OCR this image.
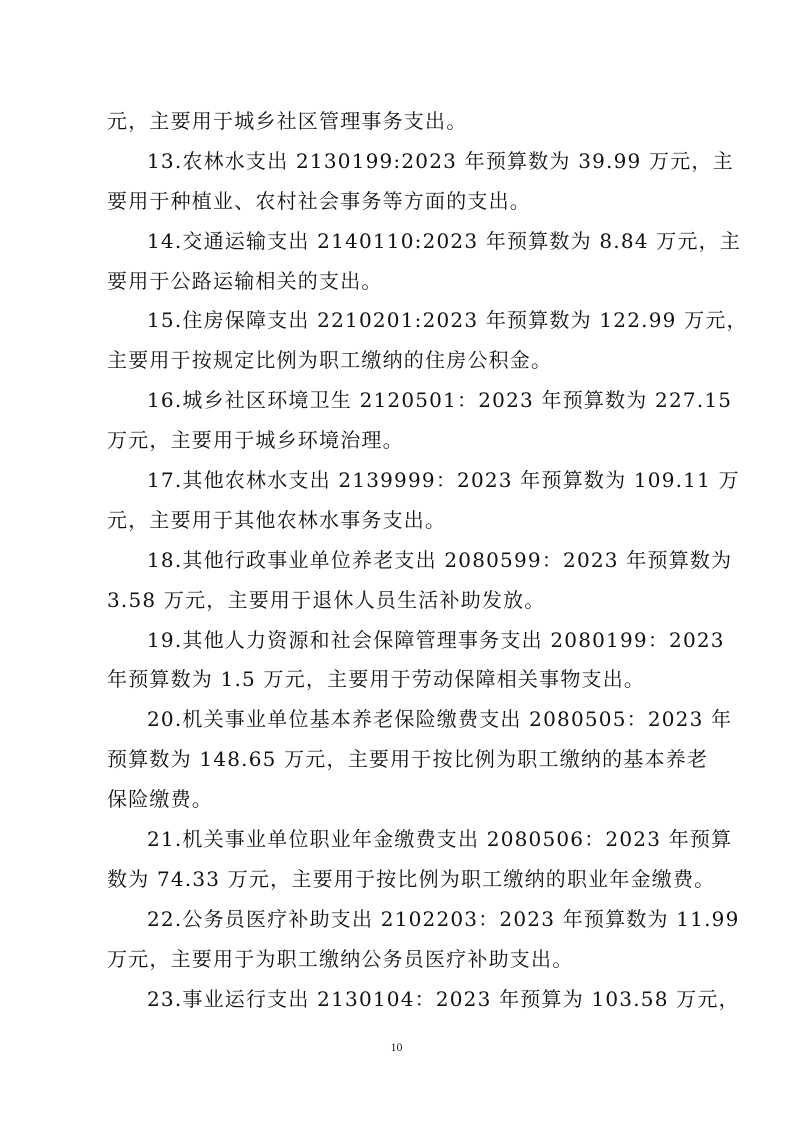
元，主要用于城乡社区管理事务支出。
13.农林水支出 2130199:2023 年预算数为 39.99 万元，主
要用于种植业、农村社会事务等方面的支出。
14.交通运输支出 2140110:2023 年预算数为 8.84 万元，主
要用于公路运输相关的支出。
15.住房保障支出 2210201:2023 年预算数为 122.99 万元，
主要用于按规定比例为职工缴纳的住房公积金。
16.城乡社区环境卫生 2120501：2023 年预算数为 227.15
万元，主要用于城乡环境治理。
17.其他农林水支出 2139999：2023 年预算数为 109.11 万
元，主要用于其他农林水事务支出。
18.其他行政事业单位养老支出 2080599：2023 年预算数为
3.58 万元，主要用于退休人员生活补助发放。
19.其他人力资源和社会保障管理事务支出 2080199：2023
年预算数为 1.5 万元，主要用于劳动保障相关事物支出。
20.机关事业单位基本养老保险缴费支出 2080505：2023 年
预算数为 148.65 万元，主要用于按比例为职工缴纳的基本养老
保险缴费。
21.机关事业单位职业年金缴费支出 2080506：2023 年预算
数为 74.33 万元，主要用于按比例为职工缴纳的职业年金缴费。
22.公务员医疗补助支出 2102203：2023 年预算数为 11.99
万元，主要用于为职工缴纳公务员医疗补助支出。
23.事业运行支出 2130104：2023 年预算为 103.58 万元，
10
